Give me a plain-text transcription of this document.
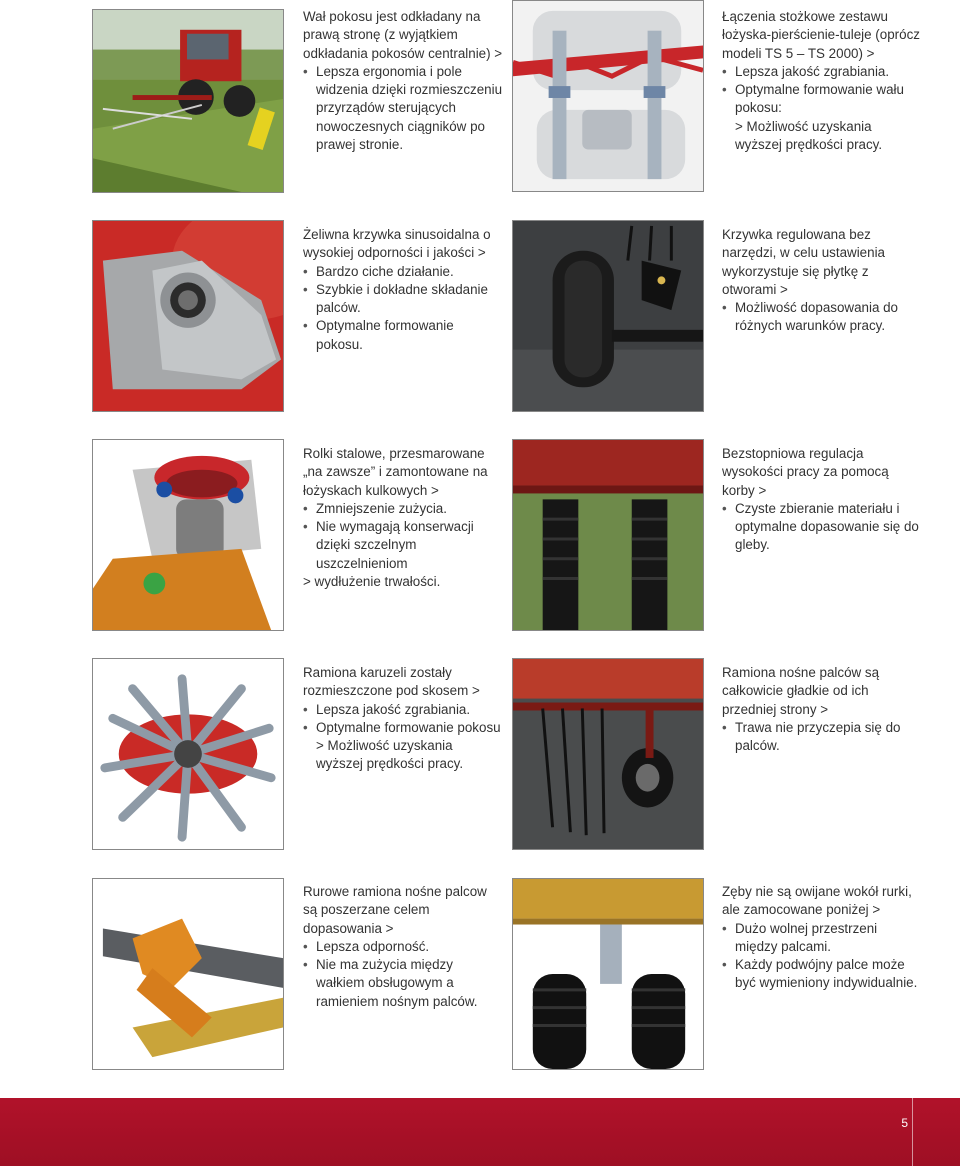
Wał pokosu jest odkładany na prawą stronę (z wyjątkiem odkładania pokosów centralnie) >
• Lepsza ergonomia i pole widzenia dzięki rozmieszczeniu przyrządów sterujących nowoczesnych ciągników po prawej stronie.
Łączenia stożkowe zestawu łożyska-pierścienie-tuleje (oprócz modeli TS 5 – TS 2000) >
• Lepsza jakość zgrabiania.
• Optymalne formowanie wału pokosu:
> Możliwość uzyskania wyższej prędkości pracy.
Żeliwna krzywka sinusoidalna o wysokiej odporności i jakości >
• Bardzo ciche działanie.
• Szybkie i dokładne składanie palców.
• Optymalne formowanie pokosu.
Krzywka regulowana bez narzędzi, w celu ustawienia wykorzystuje się płytkę z otworami >
• Możliwość dopasowania do różnych warunków pracy.
Rolki stalowe, przesmarowane „na zawsze” i zamontowane na łożyskach kulkowych >
• Zmniejszenie zużycia.
• Nie wymagają konserwacji dzięki szczelnym uszczelnieniom
> wydłużenie trwałości.
Bezstopniowa regulacja wysokości pracy za pomocą korby >
• Czyste zbieranie materiału i optymalne dopasowanie się do gleby.
Ramiona karuzeli zostały rozmieszczone pod skosem >
• Lepsza jakość zgrabiania.
• Optymalne formowanie pokosu
> Możliwość uzyskania wyższej prędkości pracy.
Ramiona nośne palców są całkowicie gładkie od ich przedniej strony >
• Trawa nie przyczepia się do palców.
Rurowe ramiona nośne palcow są poszerzane celem dopasowania >
• Lepsza odporność.
• Nie ma zużycia między wałkiem obsługowym a ramieniem nośnym palców.
Zęby nie są owijane wokół rurki, ale zamocowane poniżej >
• Dużo wolnej przestrzeni między palcami.
• Każdy podwójny palce może być wymieniony indywidualnie.
5
